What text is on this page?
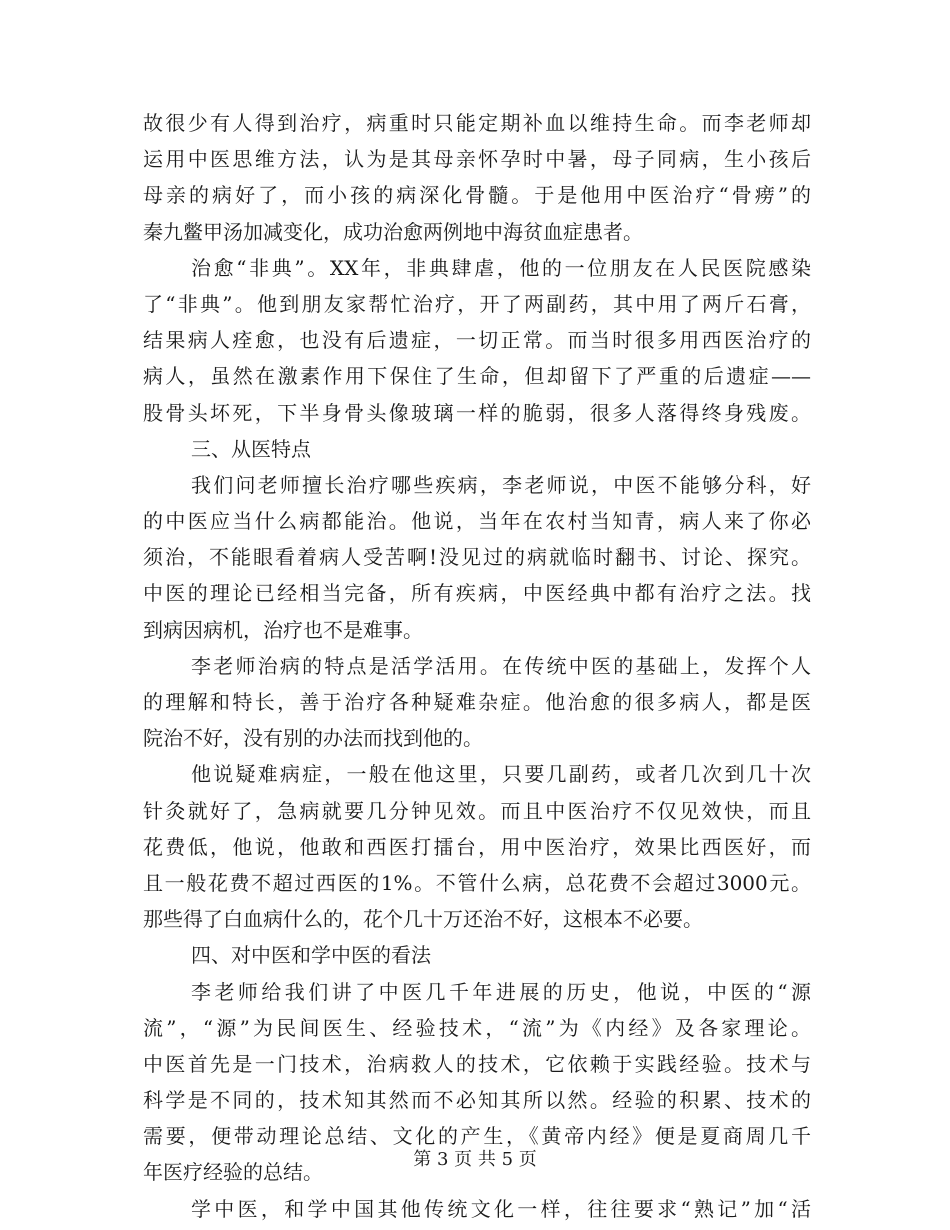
故很少有人得到治疗，病重时只能定期补血以维持生命。而李老师却
运用中医思维方法，认为是其母亲怀孕时中暑，母子同病，生小孩后
母亲的病好了，而小孩的病深化骨髓。于是他用中医治疗“骨痨”的
秦九鳖甲汤加减变化，成功治愈两例地中海贫血症患者。
治愈“非典”。XX年，非典肆虐，他的一位朋友在人民医院感染
了“非典”。他到朋友家帮忙治疗，开了两副药，其中用了两斤石膏，
结果病人痊愈，也没有后遗症，一切正常。而当时很多用西医治疗的
病人，虽然在激素作用下保住了生命，但却留下了严重的后遗症——
股骨头坏死，下半身骨头像玻璃一样的脆弱，很多人落得终身残废。
三、从医特点
我们问老师擅长治疗哪些疾病，李老师说，中医不能够分科，好
的中医应当什么病都能治。他说，当年在农村当知青，病人来了你必
须治，不能眼看着病人受苦啊!没见过的病就临时翻书、讨论、探究。
中医的理论已经相当完备，所有疾病，中医经典中都有治疗之法。找
到病因病机，治疗也不是难事。
李老师治病的特点是活学活用。在传统中医的基础上，发挥个人
的理解和特长，善于治疗各种疑难杂症。他治愈的很多病人，都是医
院治不好，没有别的办法而找到他的。
他说疑难病症，一般在他这里，只要几副药，或者几次到几十次
针灸就好了，急病就要几分钟见效。而且中医治疗不仅见效快，而且
花费低，他说，他敢和西医打擂台，用中医治疗，效果比西医好，而
且一般花费不超过西医的1%。不管什么病，总花费不会超过3000元。
那些得了白血病什么的，花个几十万还治不好，这根本不必要。
四、对中医和学中医的看法
李老师给我们讲了中医几千年进展的历史，他说，中医的“源
流”，“源”为民间医生、经验技术，“流”为《内经》及各家理论。
中医首先是一门技术，治病救人的技术，它依赖于实践经验。技术与
科学是不同的，技术知其然而不必知其所以然。经验的积累、技术的
需要，便带动理论总结、文化的产生，《黄帝内经》便是夏商周几千
年医疗经验的总结。
学中医，和学中国其他传统文化一样，往往要求“熟记”加“活
第 3 页 共 5 页
